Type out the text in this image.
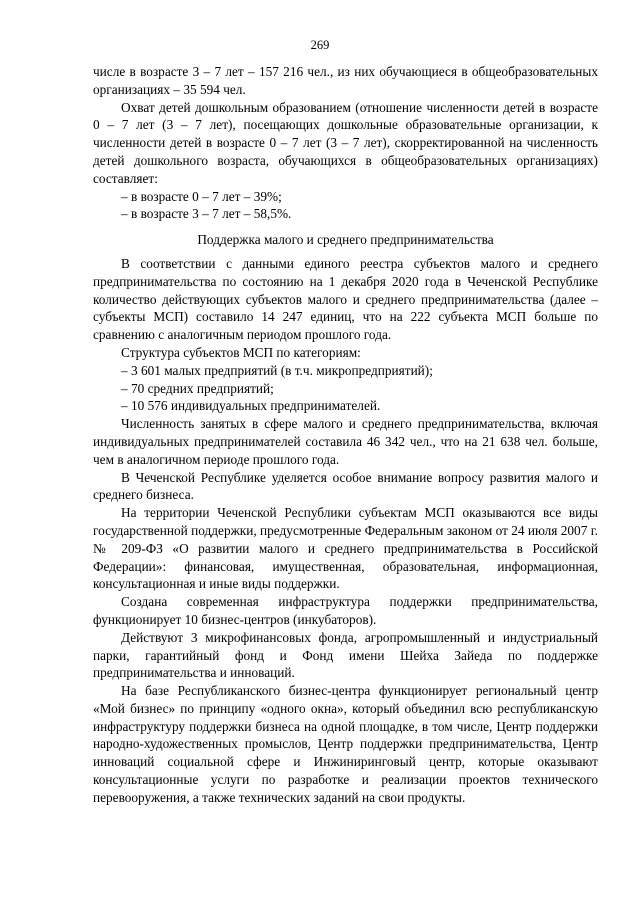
269

числе в возрасте 3 – 7 лет – 157 216 чел., из них обучающиеся в общеобразовательных организациях – 35 594 чел.

Охват детей дошкольным образованием (отношение численности детей в возрасте 0 – 7 лет (3 – 7 лет), посещающих дошкольные образовательные организации, к численности детей в возрасте 0 – 7 лет (3 – 7 лет), скорректированной на численность детей дошкольного возраста, обучающихся в общеобразовательных организациях) составляет:

– в возрасте 0 – 7 лет – 39%;

– в возрасте 3 – 7 лет – 58,5%.

Поддержка малого и среднего предпринимательства

В соответствии с данными единого реестра субъектов малого и среднего предпринимательства по состоянию на 1 декабря 2020 года в Чеченской Республике количество действующих субъектов малого и среднего предпринимательства (далее – субъекты МСП) составило 14 247 единиц, что на 222 субъекта МСП больше по сравнению с аналогичным периодом прошлого года.

Структура субъектов МСП по категориям:

– 3 601 малых предприятий (в т.ч. микропредприятий);

– 70 средних предприятий;

– 10 576 индивидуальных предпринимателей.

Численность занятых в сфере малого и среднего предпринимательства, включая индивидуальных предпринимателей составила 46 342 чел., что на 21 638 чел. больше, чем в аналогичном периоде прошлого года.

В Чеченской Республике уделяется особое внимание вопросу развития малого и среднего бизнеса.

На территории Чеченской Республики субъектам МСП оказываются все виды государственной поддержки, предусмотренные Федеральным законом от 24 июля 2007 г. № 209-ФЗ «О развитии малого и среднего предпринимательства в Российской Федерации»: финансовая, имущественная, образовательная, информационная, консультационная и иные виды поддержки.

Создана современная инфраструктура поддержки предпринимательства, функционирует 10 бизнес-центров (инкубаторов).

Действуют 3 микрофинансовых фонда, агропромышленный и индустриальный парки, гарантийный фонд и Фонд имени Шейха Зайеда по поддержке предпринимательства и инноваций.

На базе Республиканского бизнес-центра функционирует региональный центр «Мой бизнес» по принципу «одного окна», который объединил всю республиканскую инфраструктуру поддержки бизнеса на одной площадке, в том числе, Центр поддержки народно-художественных промыслов, Центр поддержки предпринимательства, Центр инноваций социальной сфере и Инжиниринговый центр, которые оказывают консультационные услуги по разработке и реализации проектов технического перевооружения, а также технических заданий на свои продукты.
